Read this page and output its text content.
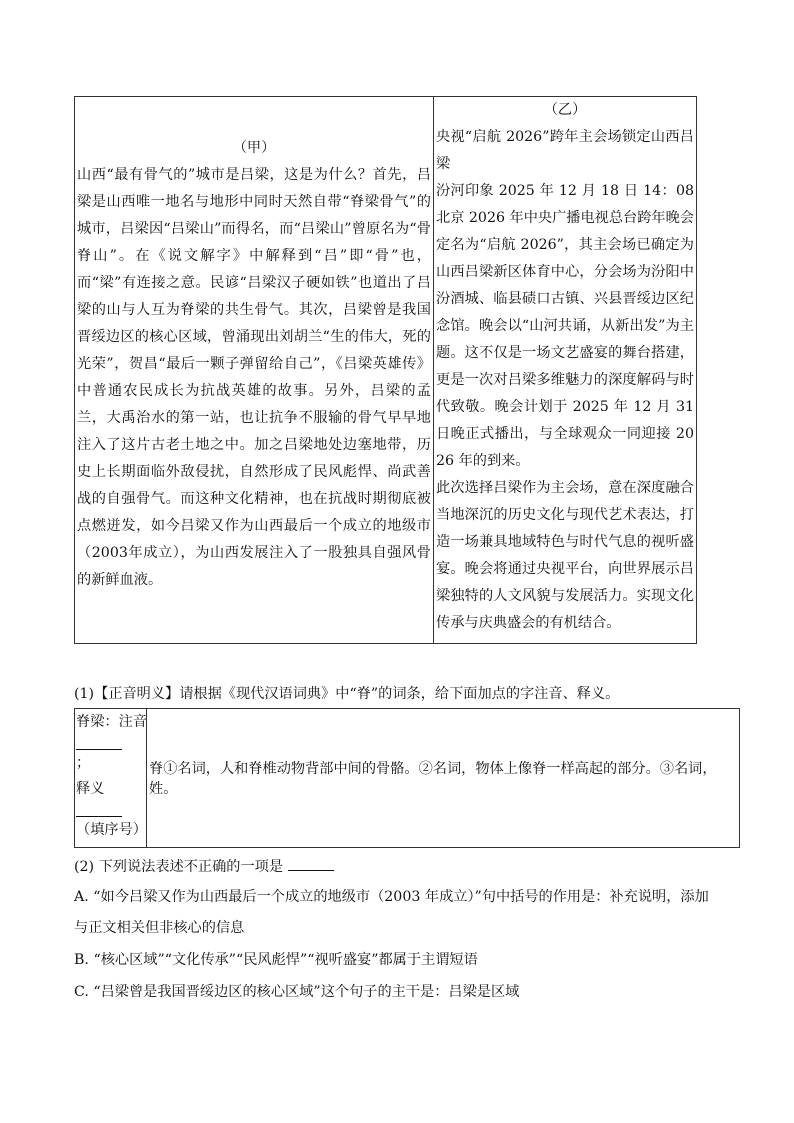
（甲）
山西“最有骨气的”城市是吕梁，这是为什么？首先，吕梁是山西唯一地名与地形中同时天然自带“脊梁骨气”的城市，吕梁因“吕梁山”而得名，而“吕梁山”曾原名为“骨脊山”。在《说文解字》中解释到“吕”即“骨”也，而“梁”有连接之意。民谚“吕梁汉子硬如铁”也道出了吕梁的山与人互为脊梁的共生骨气。其次，吕梁曾是我国晋绥边区的核心区域，曾涌现出刘胡兰“生的伟大，死的光荣”，贺昌“最后一颗子弹留给自己”，《吕梁英雄传》中普通农民成长为抗战英雄的故事。另外，吕梁的孟兰，大禹治水的第一站，也让抗争不服输的骨气早早地注入了这片古老土地之中。加之吕梁地处边塞地带，历史上长期面临外敌侵扰，自然形成了民风彪悍、尚武善战的自强骨气。而这种文化精神，也在抗战时期彻底被点燃迸发，如今吕梁又作为山西最后一个成立的地级市（2003年成立），为山西发展注入了一股独具自强风骨的新鲜血液。

（乙）
央视“启航 2026”跨年主会场锁定山西吕梁
汾河印象 2025 年 12 月 18 日 14：08 北京 2026 年中央广播电视总台跨年晚会定名为“启航 2026”，其主会场已确定为山西吕梁新区体育中心，分会场为汾阳中汾酒城、临县碛口古镇、兴县晋绥边区纪念馆。晚会以“山河共诵，从新出发”为主题。这不仅是一场文艺盛宴的舞台搭建，更是一次对吕梁多维魅力的深度解码与时代致敬。晚会计划于 2025 年 12 月 31 日晚正式播出，与全球观众一同迎接 2026 年的到来。
此次选择吕梁作为主会场，意在深度融合当地深沉的历史文化与现代艺术表达，打造一场兼具地域特色与时代气息的视听盛宴。晚会将通过央视平台，向世界展示吕梁独特的人文风貌与发展活力。实现文化传承与庆典盛会的有机结合。
(1)【正音明义】请根据《现代汉语词典》中“脊”的词条，给下面加点的字注音、释义。
脊梁：注音
；
释义
（填序号）
	脊①名词，人和脊椎动物背部中间的骨骼。②名词，物体上像脊一样高起的部分。③名词，姓。
(2) 下列说法表述不正确的一项是
A. “如今吕梁又作为山西最后一个成立的地级市（2003 年成立）”句中括号的作用是：补充说明，添加
与正文相关但非核心的信息
B. “核心区域”“文化传承”“民风彪悍”“视听盛宴”都属于主谓短语
C. “吕梁曾是我国晋绥边区的核心区域”这个句子的主干是：吕梁是区域
